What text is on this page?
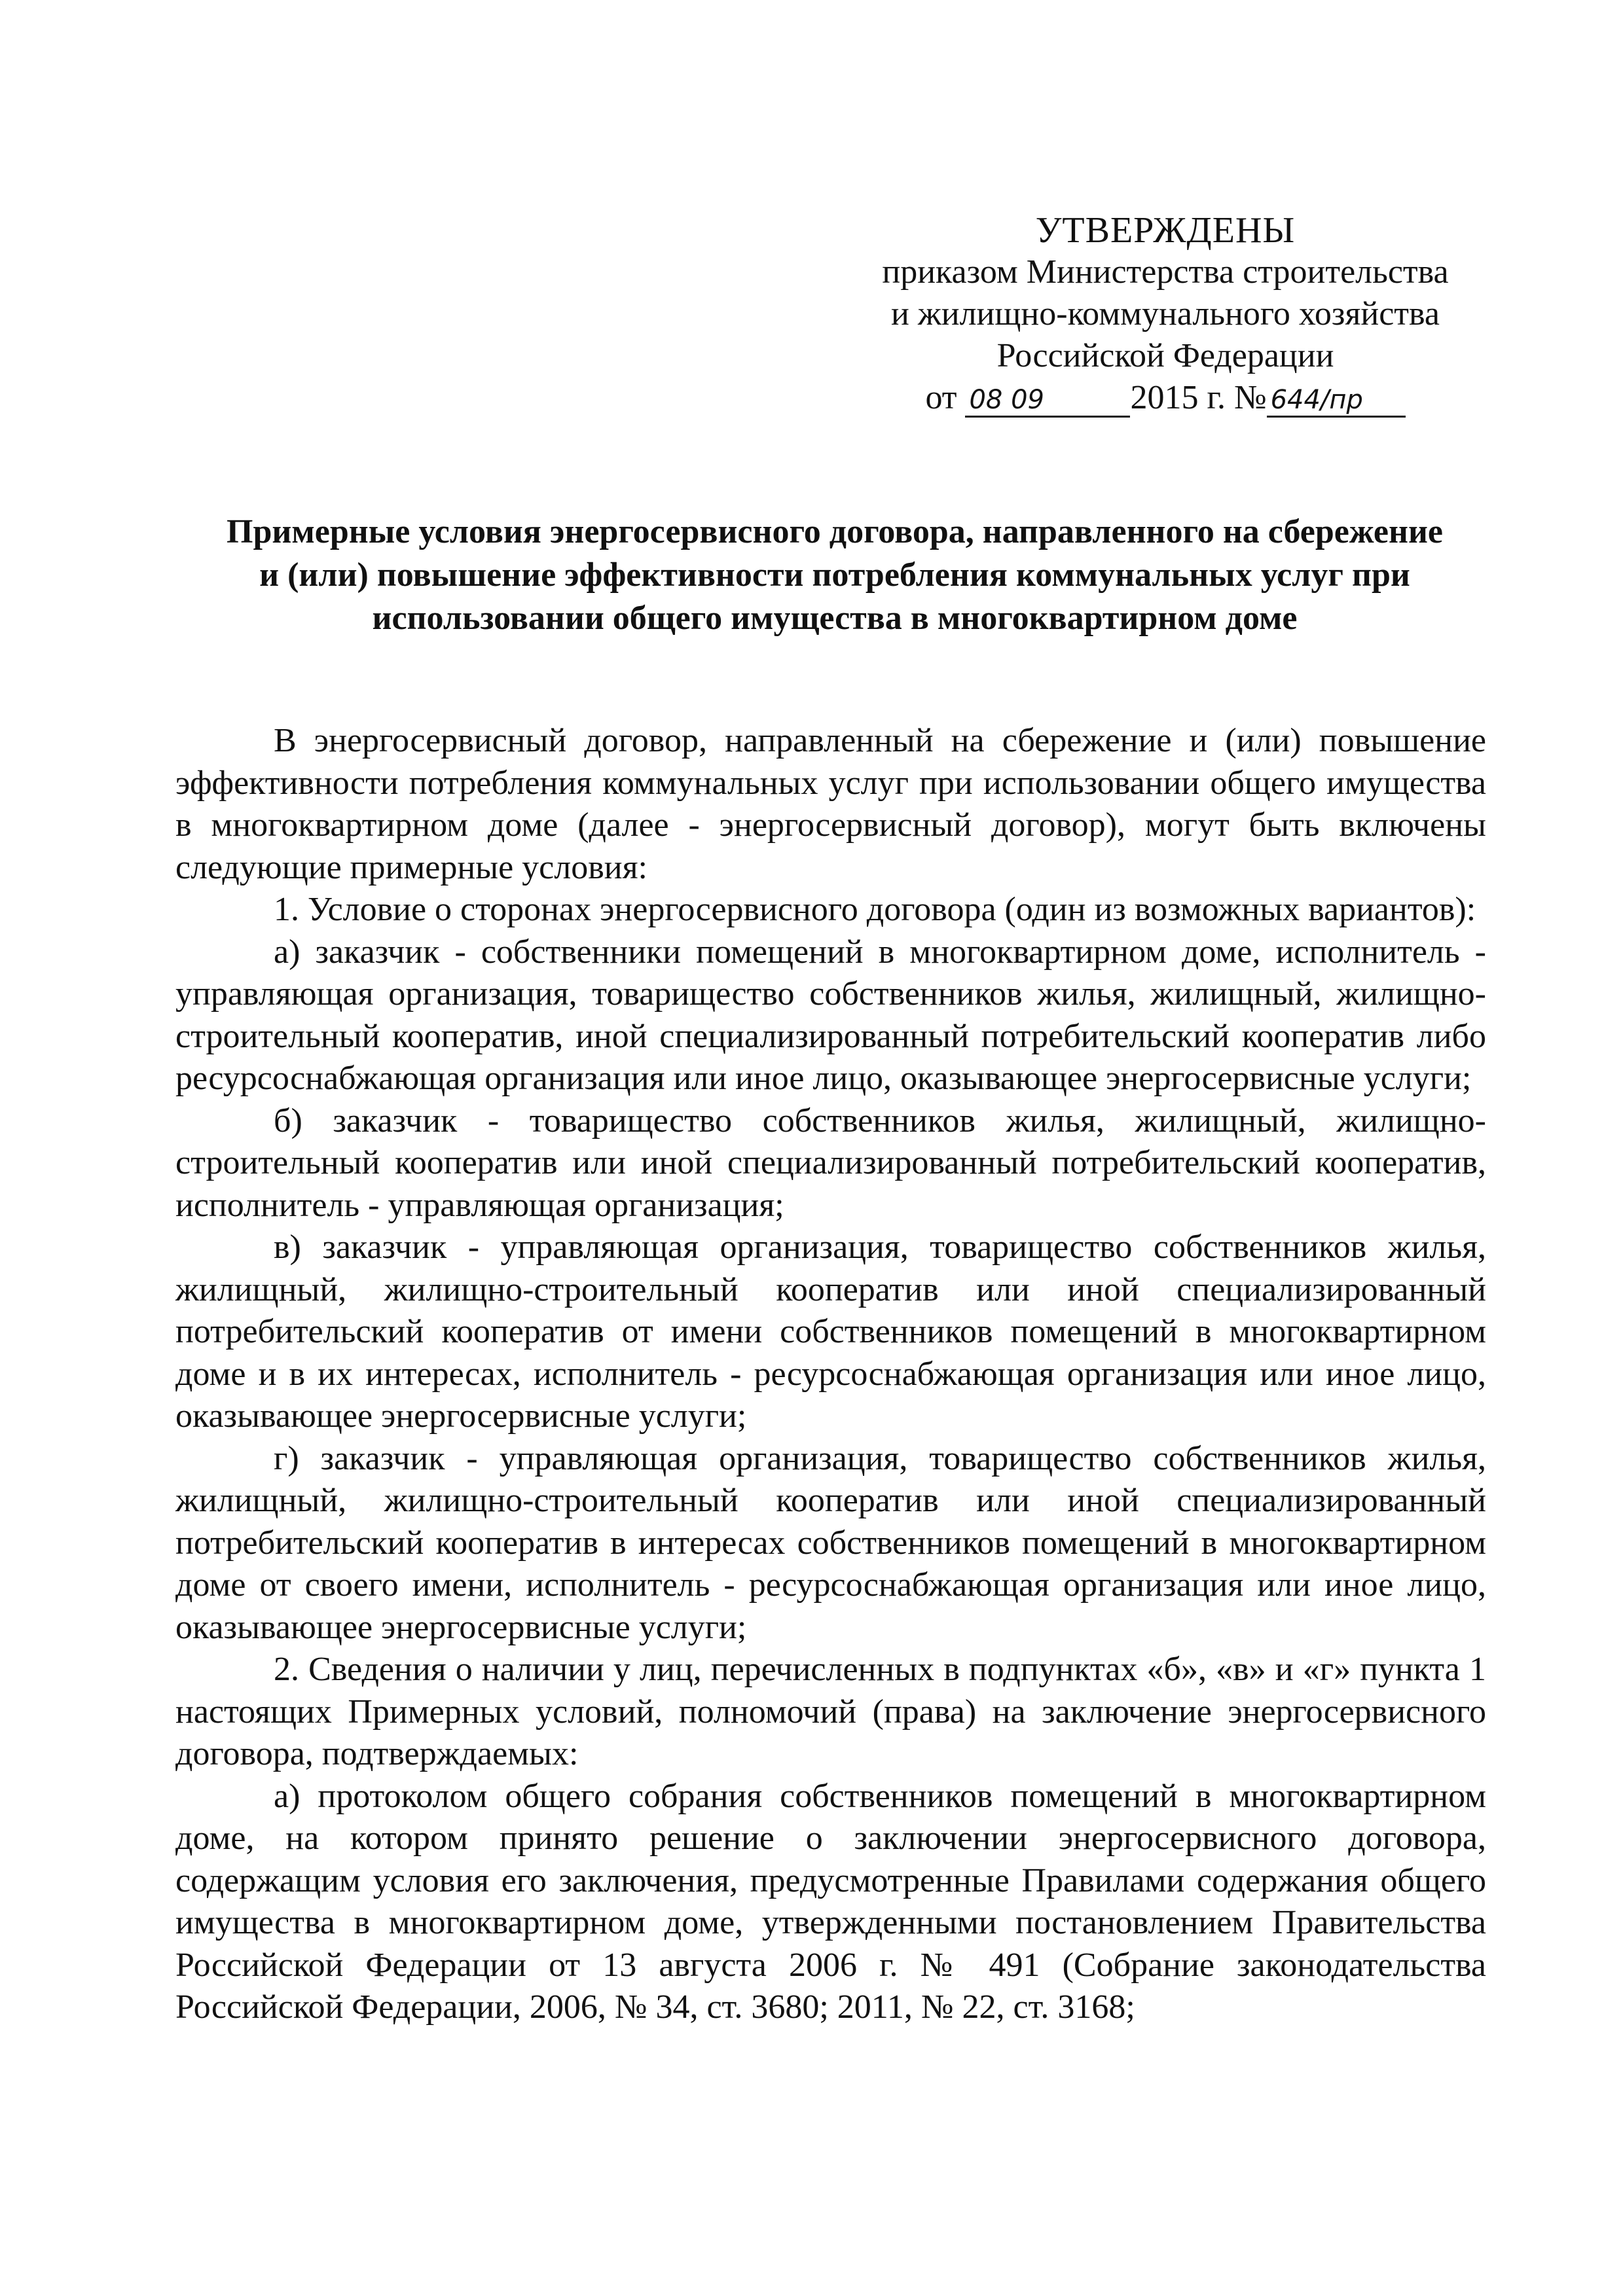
УТВЕРЖДЕНЫ
приказом Министерства строительства
и жилищно-коммунального хозяйства
Российской Федерации
от 08 09	2015 г. № 644/пр
Примерные условия энергосервисного договора, направленного на сбережение
и (или) повышение эффективности потребления коммунальных услуг при
использовании общего имущества в многоквартирном доме

В энергосервисный договор, направленный на сбережение и (или) повышение эффективности потребления коммунальных услуг при использовании общего имущества в многоквартирном доме (далее - энергосервисный договор), могут быть включены следующие примерные условия:

1. Условие о сторонах энергосервисного договора (один из возможных вариантов):

а) заказчик - собственники помещений в многоквартирном доме, исполнитель - управляющая организация, товарищество собственников жилья, жилищный, жилищно-строительный кооператив, иной специализированный потребительский кооператив либо ресурсоснабжающая организация или иное лицо, оказывающее энергосервисные услуги;

б) заказчик - товарищество собственников жилья, жилищный, жилищно-строительный кооператив или иной специализированный потребительский кооператив, исполнитель - управляющая организация;

в) заказчик - управляющая организация, товарищество собственников жилья, жилищный, жилищно-строительный кооператив или иной специализированный потребительский кооператив от имени собственников помещений в многоквартирном доме и в их интересах, исполнитель - ресурсоснабжающая организация или иное лицо, оказывающее энергосервисные услуги;

г) заказчик - управляющая организация, товарищество собственников жилья, жилищный, жилищно-строительный кооператив или иной специализированный потребительский кооператив в интересах собственников помещений в многоквартирном доме от своего имени, исполнитель - ресурсоснабжающая организация или иное лицо, оказывающее энергосервисные услуги;

2. Сведения о наличии у лиц, перечисленных в подпунктах «б», «в» и «г» пункта 1 настоящих Примерных условий, полномочий (права) на заключение энергосервисного договора, подтверждаемых:

а) протоколом общего собрания собственников помещений в многоквартирном доме, на котором принято решение о заключении энергосервисного договора, содержащим условия его заключения, предусмотренные Правилами содержания общего имущества в многоквартирном доме, утвержденными постановлением Правительства Российской Федерации от 13 августа 2006 г. № 491 (Собрание законодательства Российской Федерации, 2006, № 34, ст. 3680; 2011, № 22, ст. 3168;
